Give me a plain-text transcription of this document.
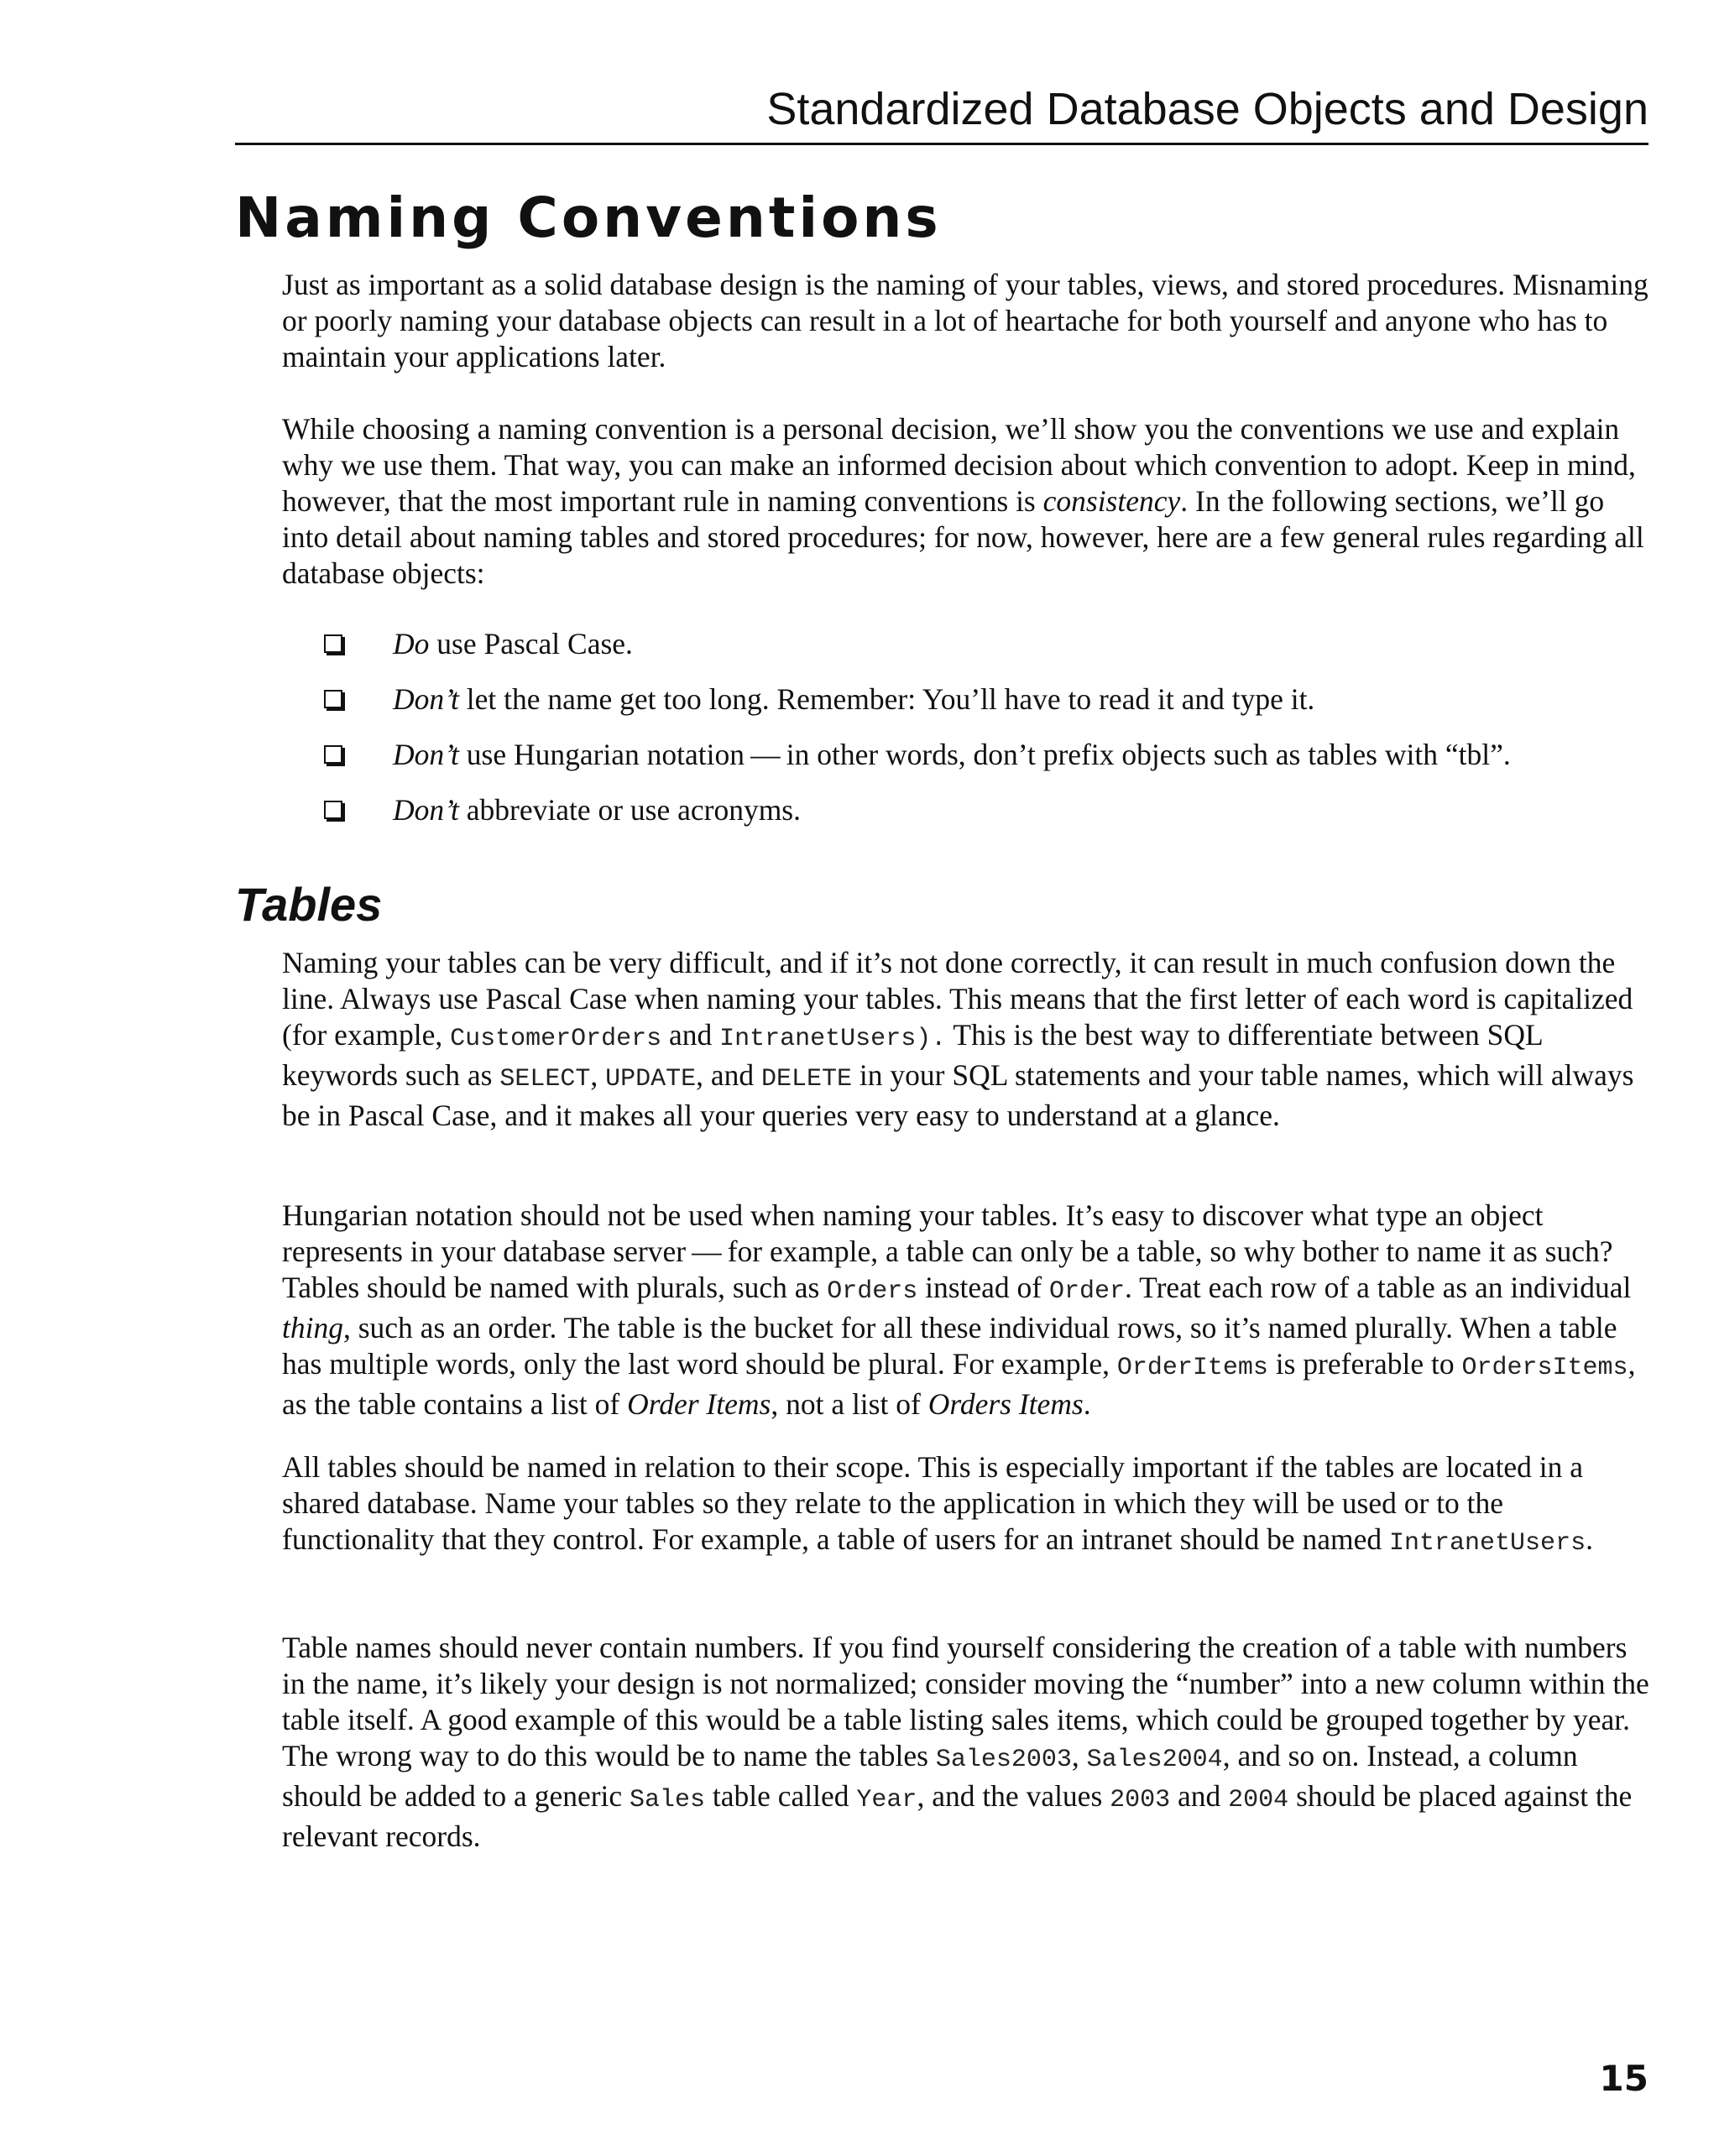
Standardized Database Objects and Design
Naming Conventions

Just as important as a solid database design is the naming of your tables, views, and stored procedures. Misnaming or poorly naming your database objects can result in a lot of heartache for both yourself and anyone who has to maintain your applications later.

While choosing a naming convention is a personal decision, we’ll show you the conventions we use and explain why we use them. That way, you can make an informed decision about which convention to adopt. Keep in mind, however, that the most important rule in naming conventions is consistency. In the following sections, we’ll go into detail about naming tables and stored procedures; for now, however, here are a few general rules regarding all database objects:

Do use Pascal Case.
Don’t let the name get too long. Remember: You’ll have to read it and type it.
Don’t use Hungarian notation — in other words, don’t prefix objects such as tables with “tbl”.
Don’t abbreviate or use acronyms.
Tables

Naming your tables can be very difficult, and if it’s not done correctly, it can result in much confusion down the line. Always use Pascal Case when naming your tables. This means that the first letter of each word is capitalized (for example, CustomerOrders and IntranetUsers). This is the best way to differentiate between SQL keywords such as SELECT, UPDATE, and DELETE in your SQL statements and your table names, which will always be in Pascal Case, and it makes all your queries very easy to understand at a glance.

Hungarian notation should not be used when naming your tables. It’s easy to discover what type an object represents in your database server — for example, a table can only be a table, so why bother to name it as such? Tables should be named with plurals, such as Orders instead of Order. Treat each row of a table as an individual thing, such as an order. The table is the bucket for all these individual rows, so it’s named plurally. When a table has multiple words, only the last word should be plural. For example, OrderItems is preferable to OrdersItems, as the table contains a list of Order Items, not a list of Orders Items.

All tables should be named in relation to their scope. This is especially important if the tables are located in a shared database. Name your tables so they relate to the application in which they will be used or to the functionality that they control. For example, a table of users for an intranet should be named IntranetUsers.

Table names should never contain numbers. If you find yourself considering the creation of a table with numbers in the name, it’s likely your design is not normalized; consider moving the “number” into a new column within the table itself. A good example of this would be a table listing sales items, which could be grouped together by year. The wrong way to do this would be to name the tables Sales2003, Sales2004, and so on. Instead, a column should be added to a generic Sales table called Year, and the values 2003 and 2004 should be placed against the relevant records.

15
